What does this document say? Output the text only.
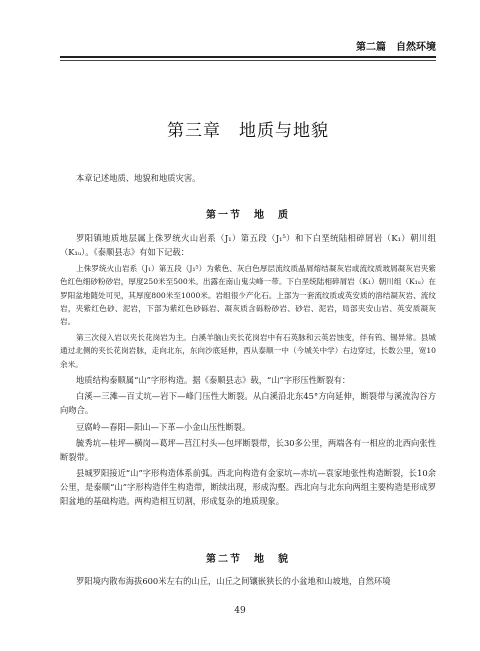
第二篇　自然环境
第三章　地质与地貌
本章记述地质、地貌和地质灾害。
第一节　地　质

罗阳镇地质地层属上侏罗统火山岩系（J₁）第五段（J₁⁵）和下白垩统陆相碎屑岩（K₁）朝川组（K₁ᵤ）。《泰顺县志》有如下记载：

上侏罗统火山岩系（J₁）第五段（J₁⁵）为紫色、灰白色厚层流纹质晶屑熔结凝灰岩或流纹质玻屑凝灰岩夹紫色红色细砂粉砂岩，厚度250米至500米。出露在南山鬼尖峰一带。下白垩统陆相碎屑岩（K₁）朝川组（K₁ᵤ）在罗阳盆地随处可见，其厚度800米至1000米。岩组很少产化石。上部为一套流纹质或英安质的溶结凝灰岩、流纹岩，夹紫红色砂、泥岩，下部为紫红色砂砾岩、凝灰质含砾粉砂岩、砂岩、泥岩，局部夹安山岩、英安质凝灰岩。

第三次侵入岩以夹长花岗岩为主。白溪羊脑山夹长花岗岩中有石英脉和云英岩蚀变，伴有钨、锡异常。县城通过北侧的夹长花岗岩脉，走向北东，东向沙底延伸，西从泰顺一中（今城关中学）右边穿过，长数公里，宽10余米。

地质结构泰顺属“山”字形构造。据《泰顺县志》载，“山”字形压性断裂有：

白溪—三滩—百丈坑—岩下—峰门压性大断裂。从白溪沿北东45°方向延伸，断裂带与溪流沟谷方向吻合。

豆腐岭—春阳—阳山—下革—小金山压性断裂。

毓秀坑—桂坪—横岗—葛坪—莒江村头—包坪断裂带，长30多公里，两端各有一相应的北西向张性断裂带。

县城罗阳接近“山”字形构造体系前弧。西北向构造有金家坑—赤坑—袁家地张性构造断裂，长10余公里，是泰顺“山”字形构造伴生构造带，断续出现，形成沟壑。西北向与北东向两组主要构造是形成罗阳盆地的基础构造。两构造相互切割，形成复杂的地质现象。

第二节　地　貌

罗阳境内散布海拔600米左右的山丘，山丘之间镶嵌狭长的小盆地和山坡地，自然环境

49
